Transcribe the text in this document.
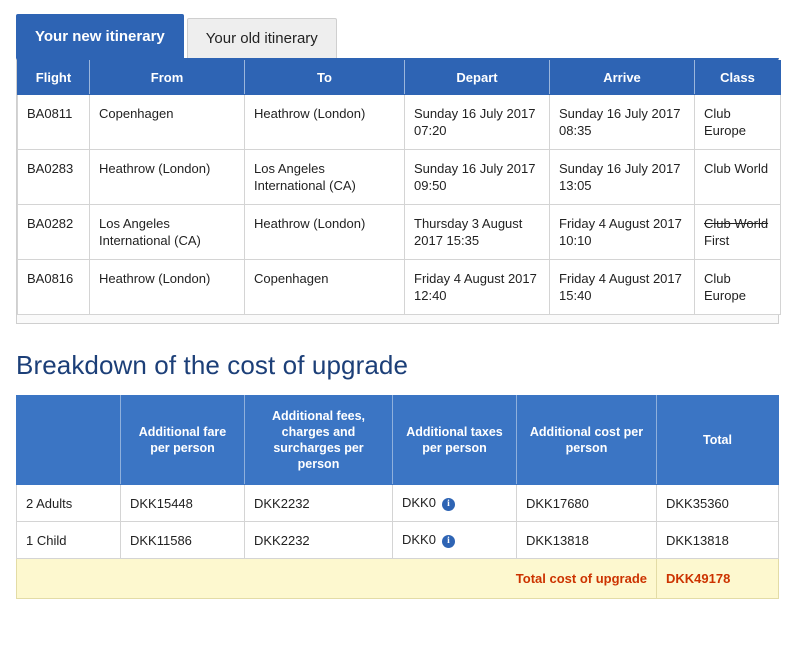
Your new itinerary	Your old itinerary
Flight	From	To	Depart	Arrive	Class
BA0811	Copenhagen	Heathrow (London)	Sunday 16 July 2017 07:20	Sunday 16 July 2017 08:35	Club Europe

BA0283	Heathrow (London)	Los Angeles International (CA)	Sunday 16 July 2017 09:50	Sunday 16 July 2017 13:05	Club World

BA0282	Los Angeles International (CA)	Heathrow (London)	Thursday 3 August 2017 15:35	Friday 4 August 2017 10:10	Club World
First

BA0816	Heathrow (London)	Copenhagen	Friday 4 August 2017 12:40	Friday 4 August 2017 15:40	Club Europe
Breakdown of the cost of upgrade
	Additional fare per person	Additional fees, charges and surcharges per person	Additional taxes per person	Additional cost per person	Total
2 Adults	DKK15448	DKK2232	DKK0 i	DKK17680	DKK35360
1 Child	DKK11586	DKK2232	DKK0 i	DKK13818	DKK13818
Total cost of upgrade					DKK49178
